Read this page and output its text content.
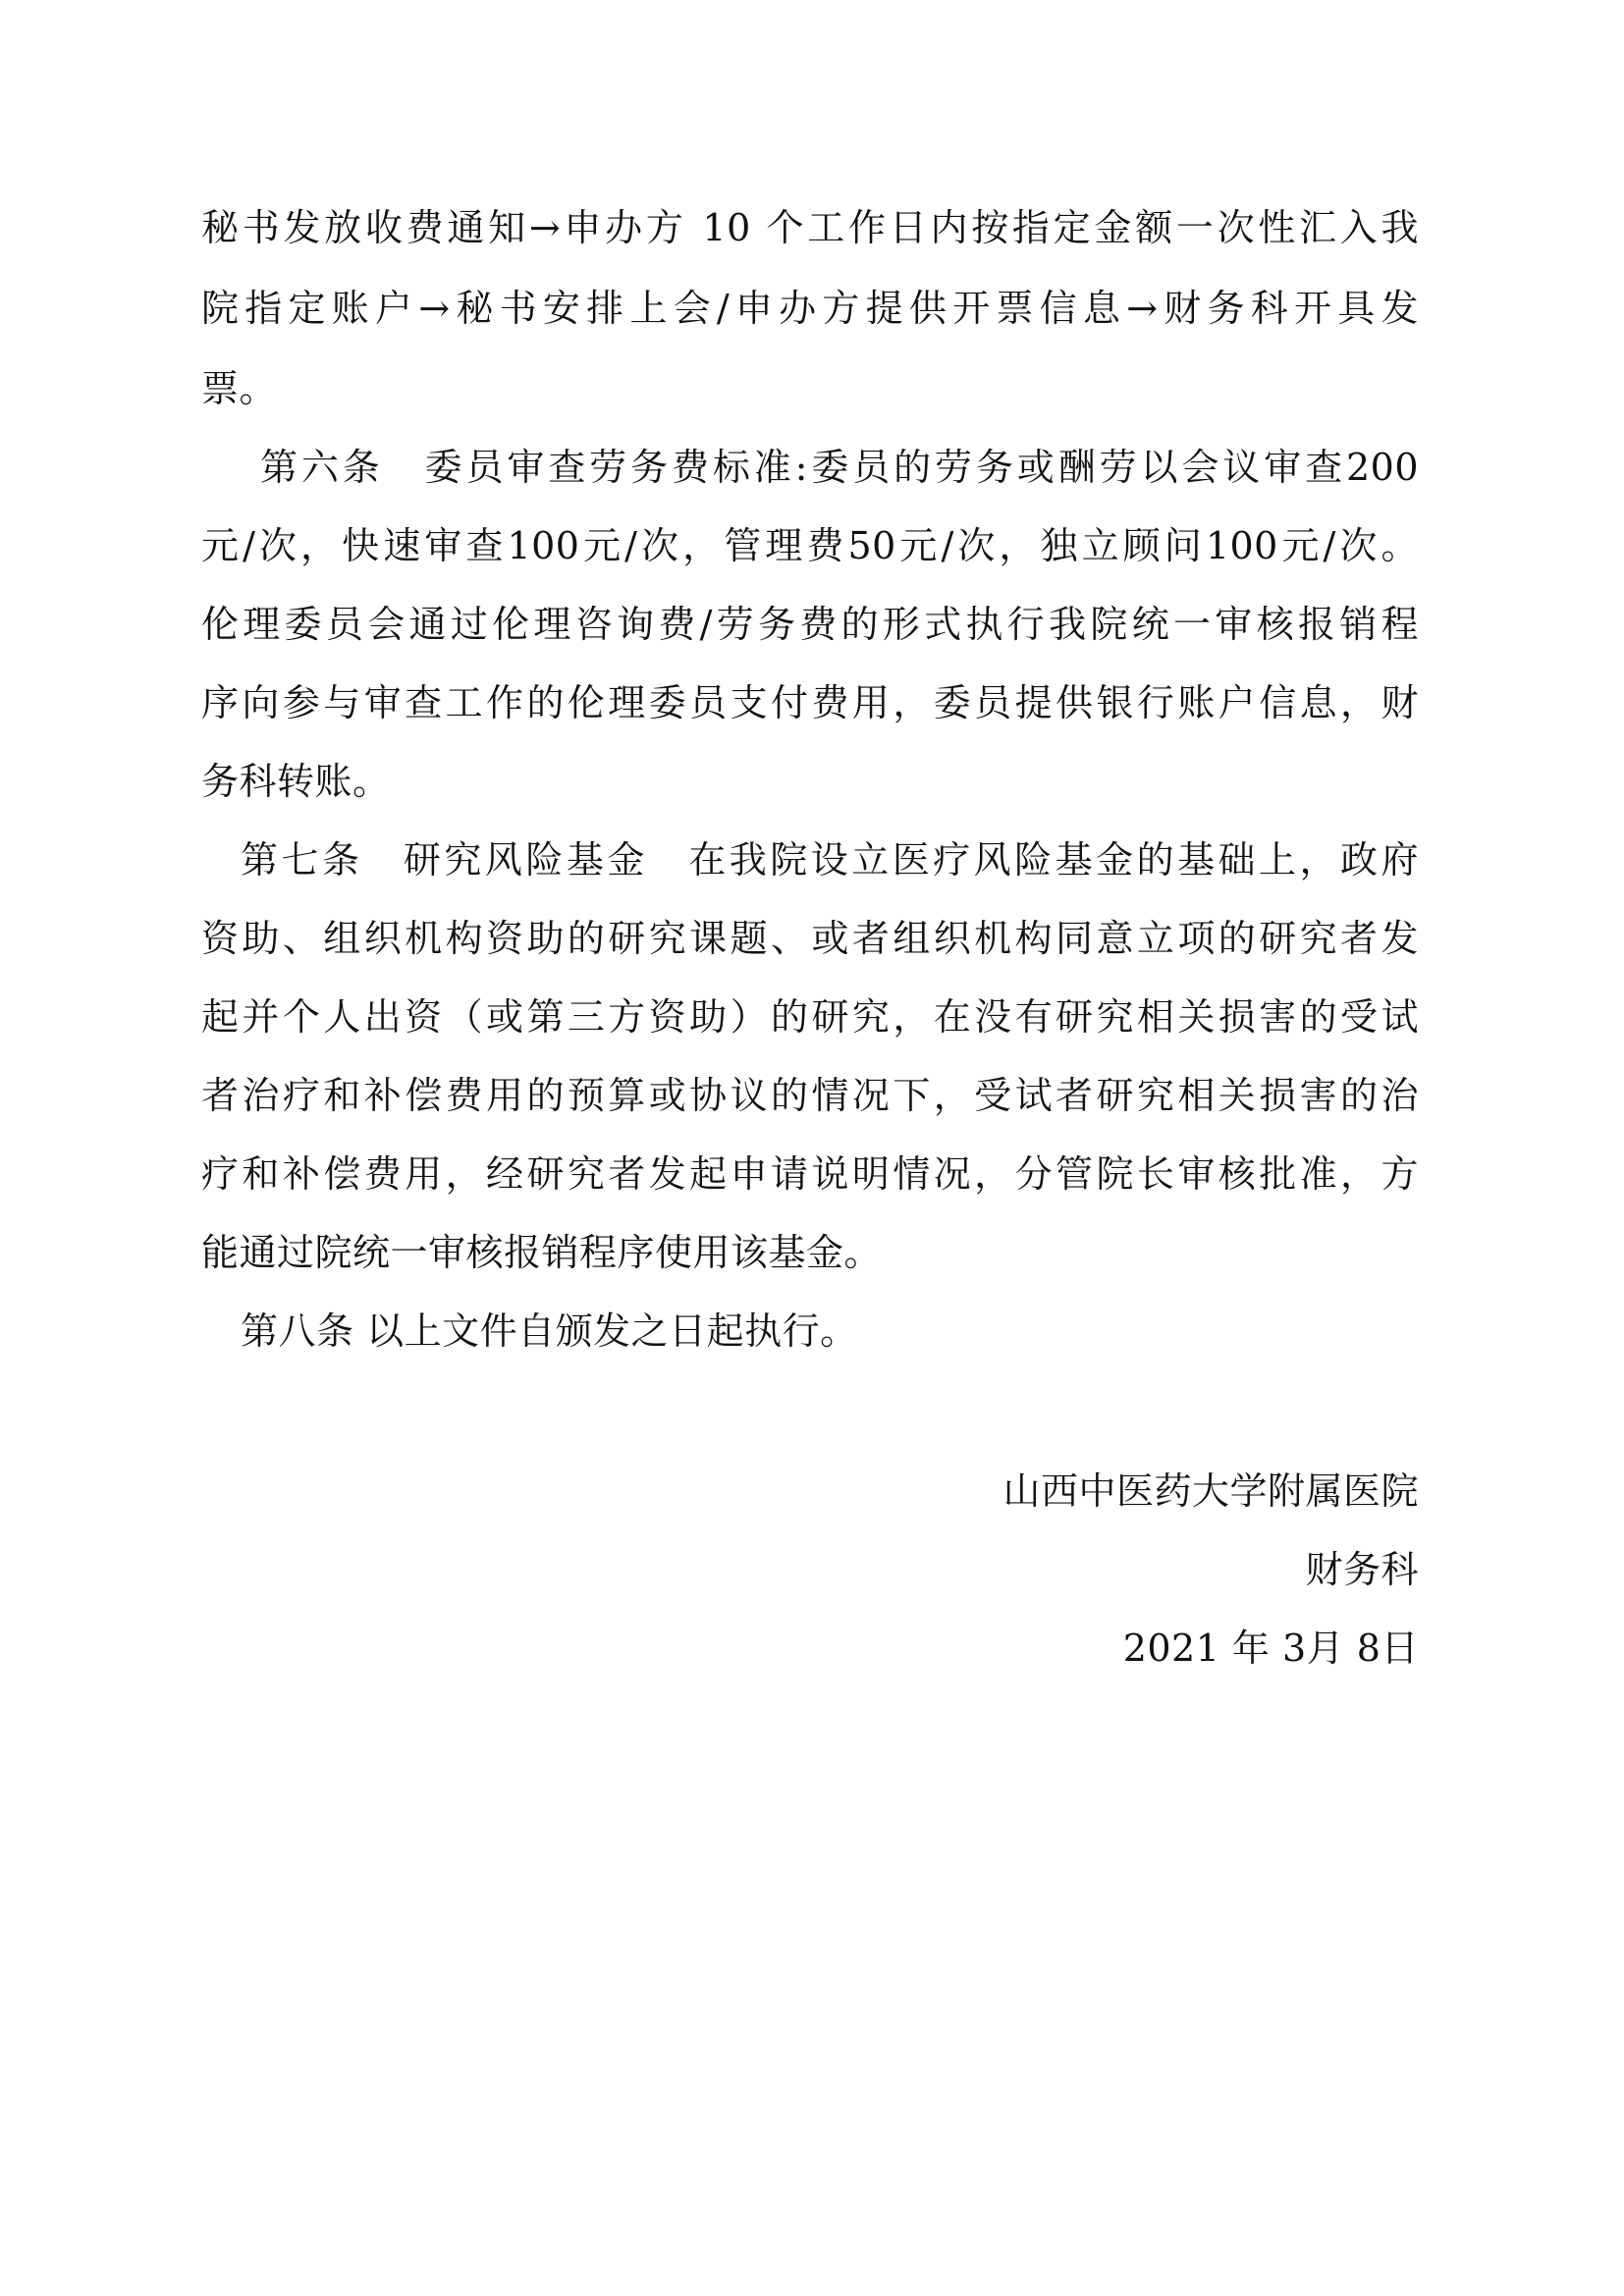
秘书发放收费通知→申办方 10 个工作日内按指定金额一次性汇入我
院指定账户→秘书安排上会/申办方提供开票信息→财务科开具发
票。
第六条　委员审查劳务费标准:委员的劳务或酬劳以会议审查200
元/次，快速审查100元/次，管理费50元/次，独立顾问100元/次。
伦理委员会通过伦理咨询费/劳务费的形式执行我院统一审核报销程
序向参与审查工作的伦理委员支付费用，委员提供银行账户信息，财
务科转账。
第七条　研究风险基金　在我院设立医疗风险基金的基础上，政府
资助、组织机构资助的研究课题、或者组织机构同意立项的研究者发
起并个人出资（或第三方资助）的研究，在没有研究相关损害的受试
者治疗和补偿费用的预算或协议的情况下，受试者研究相关损害的治
疗和补偿费用，经研究者发起申请说明情况，分管院长审核批准，方
能通过院统一审核报销程序使用该基金。
第八条 以上文件自颁发之日起执行。
山西中医药大学附属医院
财务科
2021 年 3月 8日
